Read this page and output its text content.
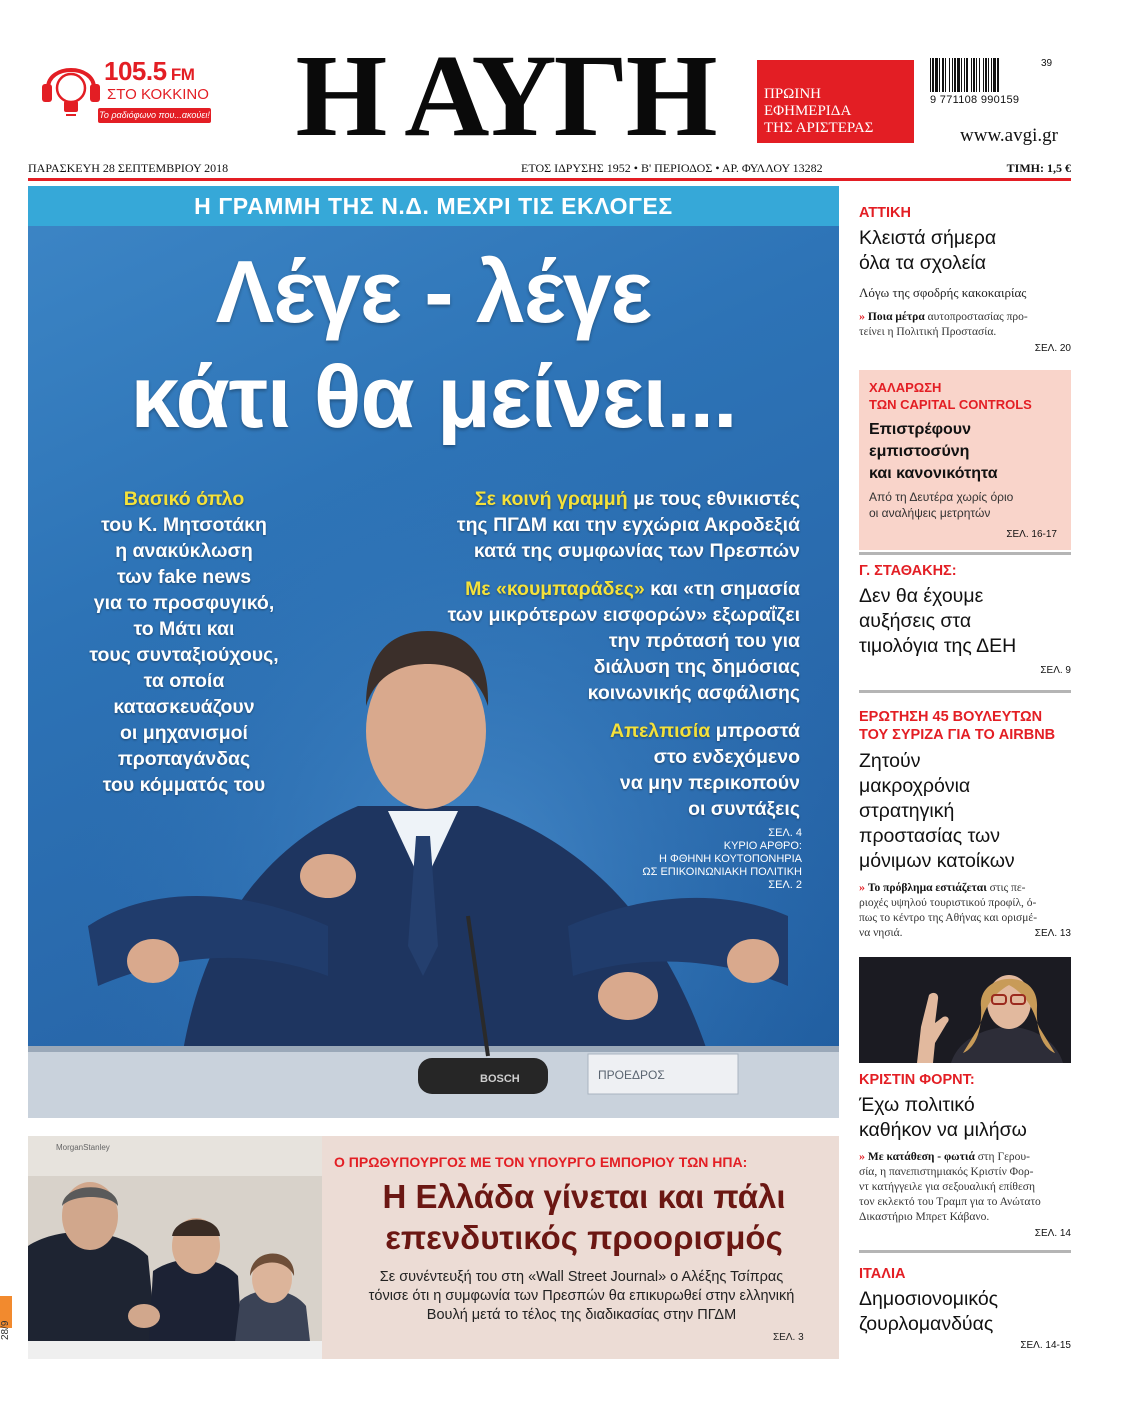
105.5 FM
ΣΤΟ ΚΟΚΚΙΝΟ
Το ραδιόφωνο που...ακούει! Η ΑΥΓΗ	ΠΡΩΙΝΗ
ΕΦΗΜΕΡΙΔΑ
ΤΗΣ ΑΡΙΣΤΕΡΑΣ
39
9 771108 990159
www.avgi.gr
ΠΑΡΑΣΚΕΥΗ 28 ΣΕΠΤΕΜΒΡΙΟΥ 2018	ΕΤΟΣ ΙΔΡΥΣΗΣ 1952 • Β' ΠΕΡΙΟΔΟΣ • ΑΡ. ΦΥΛΛΟΥ 13282	ΤΙΜΗ: 1,5 €
BOSCH	ΠΡΟΕΔΡΟΣ
Η ΓΡΑΜΜΗ ΤΗΣ Ν.Δ. ΜΕΧΡΙ ΤΙΣ ΕΚΛΟΓΕΣ
Λέγε - λέγε
κάτι θα μείνει...
Βασικό όπλο
του Κ. Μητσοτάκη
η ανακύκλωση
των fake news
για το προσφυγικό,
το Μάτι και
τους συνταξιούχους,
τα οποία
κατασκευάζουν
οι μηχανισμοί
προπαγάνδας
του κόμματός του
Σε κοινή γραμμή με τους εθνικιστές
της ΠΓΔΜ και την εγχώρια Ακροδεξιά
κατά της συμφωνίας των Πρεσπών
Με «κουμπαράδες» και «τη σημασία
των μικρότερων εισφορών» εξωραΐζει
την πρότασή του για
διάλυση της δημόσιας
κοινωνικής ασφάλισης
Απελπισία μπροστά
στο ενδεχόμενο
να μην περικοπούν
οι συντάξεις
ΣΕΛ. 4
ΚΥΡΙΟ ΑΡΘΡΟ:
Η ΦΘΗΝΗ ΚΟΥΤΟΠΟΝΗΡΙΑ
ΩΣ ΕΠΙΚΟΙΝΩΝΙΑΚΗ ΠΟΛΙΤΙΚΗ
ΣΕΛ. 2
MorganStanley
Ο ΠΡΩΘΥΠΟΥΡΓΟΣ ΜΕ ΤΟΝ ΥΠΟΥΡΓΟ ΕΜΠΟΡΙΟΥ ΤΩΝ ΗΠΑ:
Η Ελλάδα γίνεται και πάλι
επενδυτικός προορισμός
Σε συνέντευξή του στη «Wall Street Journal» ο Αλέξης Τσίπρας
τόνισε ότι η συμφωνία των Πρεσπών θα επικυρωθεί στην ελληνική
Βουλή μετά το τέλος της διαδικασίας στην ΠΓΔΜ
ΣΕΛ. 3
ΑΤΤΙΚΗ
Κλειστά σήμερα
όλα τα σχολεία
Λόγω της σφοδρής κακοκαιρίας
» Ποια μέτρα αυτοπροστασίας προ-
τείνει η Πολιτική Προστασία.
ΣΕΛ. 20
ΧΑΛΑΡΩΣΗ
ΤΩΝ CAPITAL CONTROLS
Επιστρέφουν
εμπιστοσύνη
και κανονικότητα
Από τη Δευτέρα χωρίς όριο
οι αναλήψεις μετρητών
ΣΕΛ. 16-17
Γ. ΣΤΑΘΑΚΗΣ:
Δεν θα έχουμε
αυξήσεις στα
τιμολόγια της ΔΕΗ
ΣΕΛ. 9
ΕΡΩΤΗΣΗ 45 ΒΟΥΛΕΥΤΩΝ
ΤΟΥ ΣΥΡΙΖΑ ΓΙΑ ΤΟ AIRBNB
Ζητούν
μακροχρόνια
στρατηγική
προστασίας των
μόνιμων κατοίκων
» Το πρόβλημα εστιάζεται στις πε-
ριοχές υψηλού τουριστικού προφίλ, ό-
πως το κέντρο της Αθήνας και ορισμέ-
να νησιά.	ΣΕΛ. 13
ΚΡΙΣΤΙΝ ΦΟΡΝΤ:
Έχω πολιτικό
καθήκον να μιλήσω
» Με κατάθεση - φωτιά στη Γερου-
σία, η πανεπιστημιακός Κριστίν Φορ-
ντ κατήγγειλε για σεξουαλική επίθεση
τον εκλεκτό του Τραμπ για το Ανώτατο
Δικαστήριο Μπρετ Κάβανο.
ΣΕΛ. 14
ΙΤΑΛΙΑ
Δημοσιονομικός
ζουρλομανδύας
ΣΕΛ. 14-15
28/9
